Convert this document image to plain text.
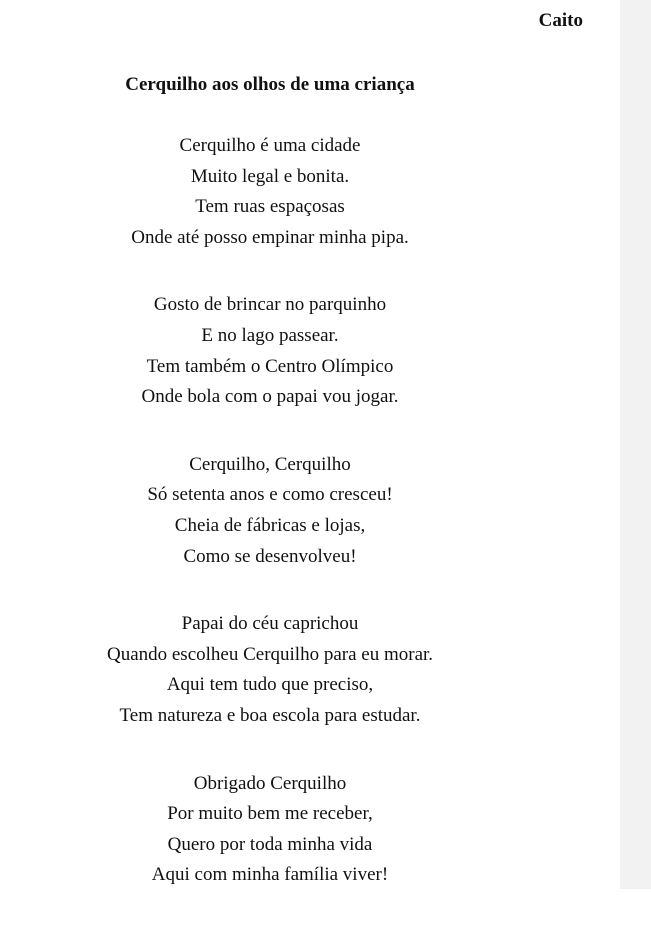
Caito

Cerquilho aos olhos de uma criança
Cerquilho é uma cidade
Muito legal e bonita.
Tem ruas espaçosas
Onde até posso empinar minha pipa.
Gosto de brincar no parquinho
E no lago passear.
Tem também o Centro Olímpico
Onde bola com o papai vou jogar.
Cerquilho, Cerquilho
Só setenta anos e como cresceu!
Cheia de fábricas e lojas,
Como se desenvolveu!
Papai do céu caprichou
Quando escolheu Cerquilho para eu morar.
Aqui tem tudo que preciso,
Tem natureza e boa escola para estudar.
Obrigado Cerquilho
Por muito bem me receber,
Quero por toda minha vida
Aqui com minha família viver!
